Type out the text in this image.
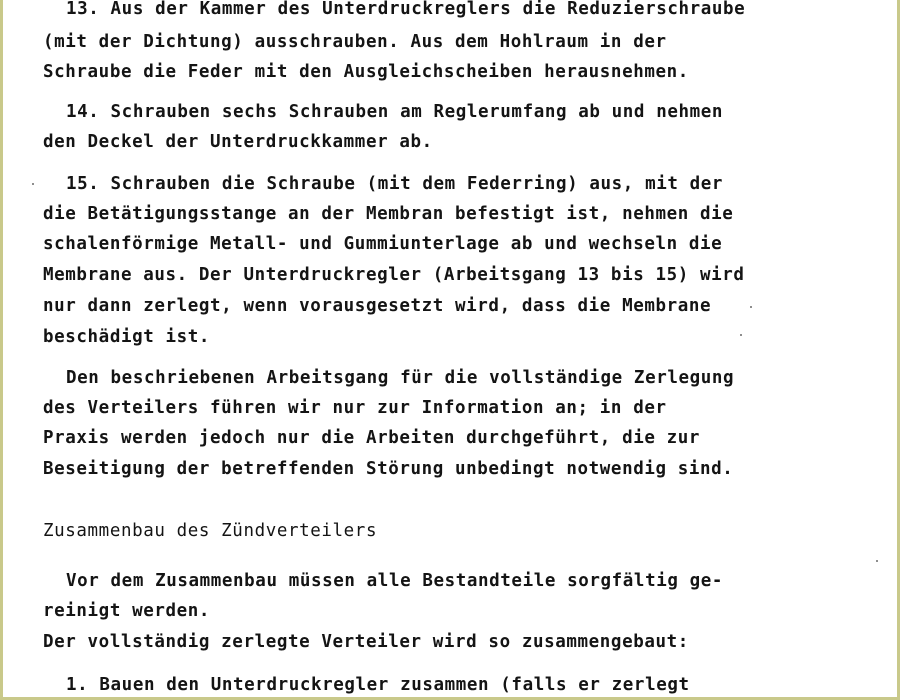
13. Aus der Kammer des Unterdruckreglers die Reduzierschraube
(mit der Dichtung) ausschrauben. Aus dem Hohlraum in der
Schraube die Feder mit den Ausgleichscheiben herausnehmen.
14. Schrauben sechs Schrauben am Reglerumfang ab und nehmen
den Deckel der Unterdruckkammer ab.
15. Schrauben die Schraube (mit dem Federring) aus, mit der
die Betätigungsstange an der Membran befestigt ist, nehmen die
schalenförmige Metall- und Gummiunterlage ab und wechseln die
Membrane aus. Der Unterdruckregler (Arbeitsgang 13 bis 15) wird
nur dann zerlegt, wenn vorausgesetzt wird, dass die Membrane
beschädigt ist.
Den beschriebenen Arbeitsgang für die vollständige Zerlegung
des Verteilers führen wir nur zur Information an; in der
Praxis werden jedoch nur die Arbeiten durchgeführt, die zur
Beseitigung der betreffenden Störung unbedingt notwendig sind.
Zusammenbau des Zündverteilers
Vor dem Zusammenbau müssen alle Bestandteile sorgfältig ge-
reinigt werden.
Der vollständig zerlegte Verteiler wird so zusammengebaut:
1. Bauen den Unterdruckregler zusammen (falls er zerlegt
